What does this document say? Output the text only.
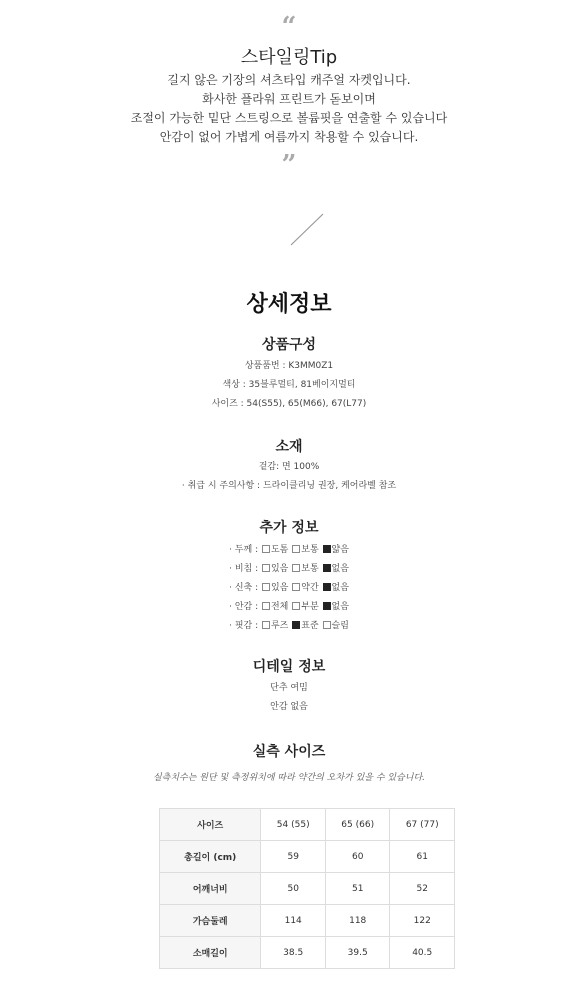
“
스타일링Tip
길지 않은 기장의 셔츠타입 캐주얼 자켓입니다.
화사한 플라워 프린트가 돋보이며
조절이 가능한 밑단 스트링으로 볼륨핏을 연출할 수 있습니다
안감이 없어 가볍게 여름까지 착용할 수 있습니다.
”
상세정보
상품구성
상품품번 : K3MM0Z1
색상 : 35블루멀티, 81베이지멀티
사이즈 : 54(S55), 65(M66), 67(L77)
소재
겉감: 면 100%
· 취급 시 주의사항 : 드라이클리닝 권장, 케어라벨 참조
추가 정보
· 두께 : 도톰 보통 얇음
· 비침 : 있음 보통 없음
· 신축 : 있음 약간 없음
· 안감 : 전체 부분 없음
· 핏감 : 루즈 표준 슬림
디테일 정보
단추 여밈
안감 없음
실측 사이즈
실측치수는 원단 및 측정위치에 따라 약간의 오차가 있을 수 있습니다.
사이즈	54 (55)	65 (66)	67 (77)
총길이 (cm)	59	60	61
어깨너비	50	51	52
가슴둘레	114	118	122
소매길이	38.5	39.5	40.5
